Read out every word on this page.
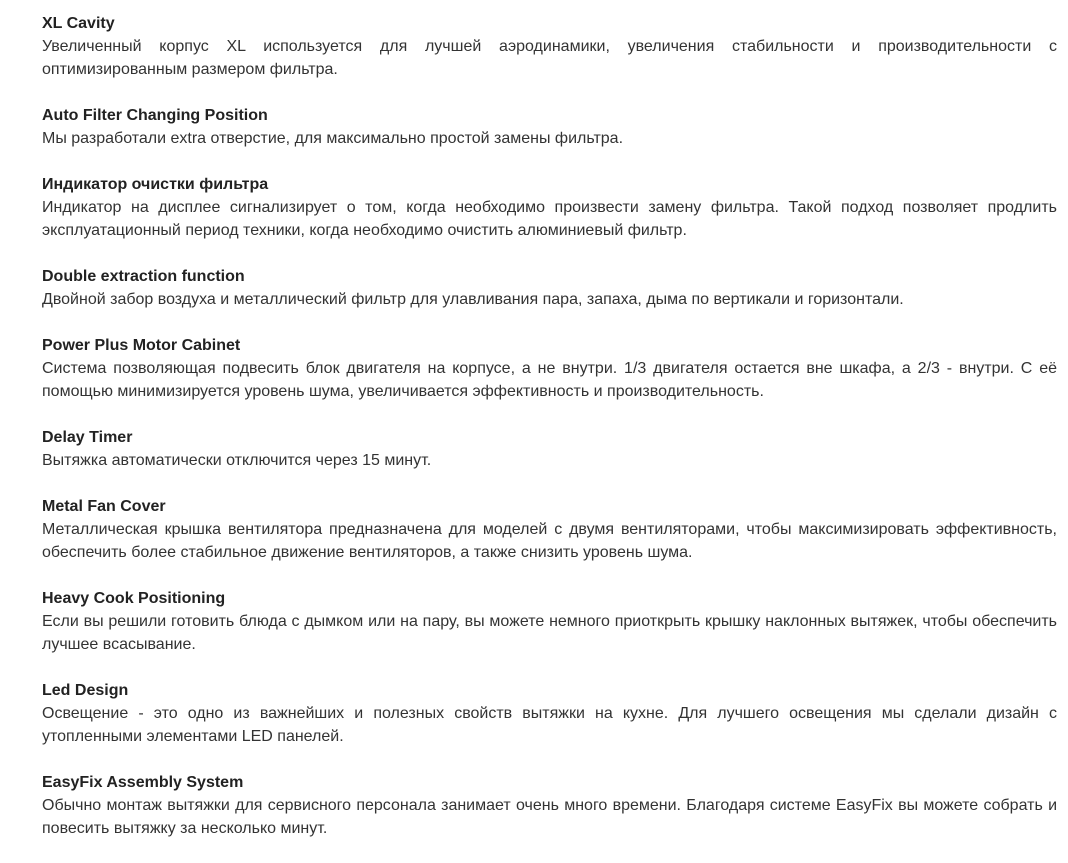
XL Cavity

Увеличенный корпус XL используется для лучшей аэродинамики, увеличения стабильности и производительности с оптимизированным размером фильтра.

Auto Filter Changing Position

Мы разработали extra отверстие, для максимально простой замены фильтра.

Индикатор очистки фильтра

Индикатор на дисплее сигнализирует о том, когда необходимо произвести замену фильтра. Такой подход позволяет продлить эксплуатационный период техники, когда необходимо очистить алюминиевый фильтр.

Double extraction function

Двойной забор воздуха и металлический фильтр для улавливания пара, запаха, дыма по вертикали и горизонтали.

Power Plus Motor Cabinet

Система позволяющая подвесить блок двигателя на корпусе, а не внутри. 1/3 двигателя остается вне шкафа, а 2/3 - внутри. С её помощью минимизируется уровень шума, увеличивается эффективность и производительность.

Delay Timer

Вытяжка автоматически отключится через 15 минут.

Metal Fan Cover

Металлическая крышка вентилятора предназначена для моделей с двумя вентиляторами, чтобы максимизировать эффективность, обеспечить более стабильное движение вентиляторов, а также снизить уровень шума.

Heavy Cook Positioning

Если вы решили готовить блюда с дымком или на пару, вы можете немного приоткрыть крышку наклонных вытяжек, чтобы обеспечить лучшее всасывание.

Led Design

Освещение - это одно из важнейших и полезных свойств вытяжки на кухне. Для лучшего освещения мы сделали дизайн с утопленными элементами LED панелей.

EasyFix Assembly System

Обычно монтаж вытяжки для сервисного персонала занимает очень много времени. Благодаря системе EasyFix вы можете собрать и повесить вытяжку за несколько минут.
